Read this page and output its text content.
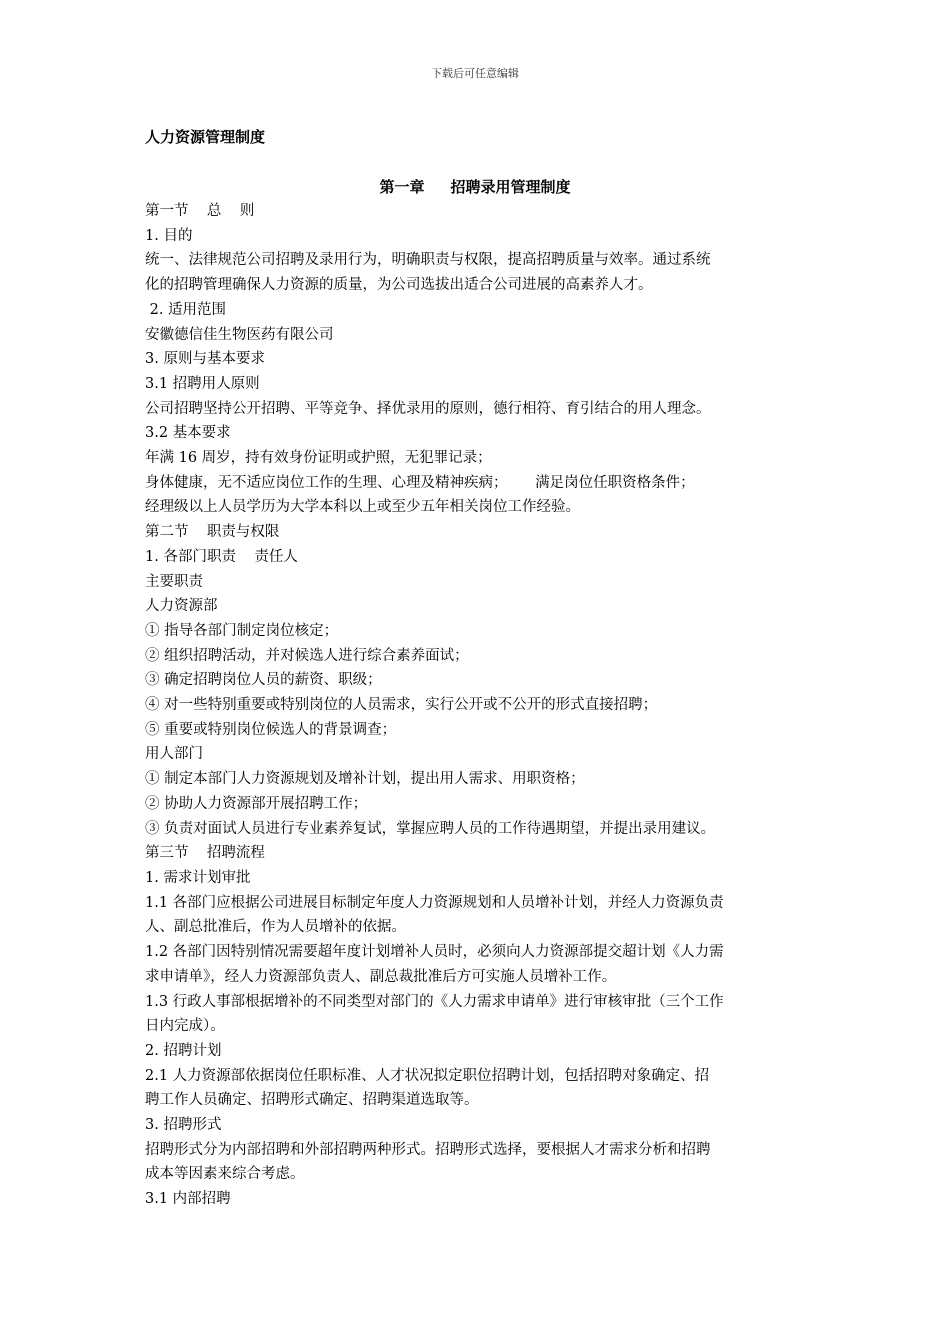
下载后可任意编辑
人力资源管理制度
第一章 招聘录用管理制度

第一节    总    则

1. 目的

统一、法律规范公司招聘及录用行为，明确职责与权限，提高招聘质量与效率。通过系统

化的招聘管理确保人力资源的质量，为公司选拔出适合公司进展的高素养人才。

2. 适用范围

安徽德信佳生物医药有限公司

3. 原则与基本要求

3.1 招聘用人原则

公司招聘坚持公开招聘、平等竞争、择优录用的原则，德行相符、育引结合的用人理念。

3.2 基本要求

年满 16 周岁，持有效身份证明或护照，无犯罪记录；

身体健康，无不适应岗位工作的生理、心理及精神疾病；      满足岗位任职资格条件；

经理级以上人员学历为大学本科以上或至少五年相关岗位工作经验。

第二节    职责与权限

1. 各部门职责    责任人

主要职责

人力资源部

① 指导各部门制定岗位核定；

② 组织招聘活动，并对候选人进行综合素养面试；

③ 确定招聘岗位人员的薪资、职级；

④ 对一些特别重要或特别岗位的人员需求，实行公开或不公开的形式直接招聘；

⑤ 重要或特别岗位候选人的背景调查；

用人部门

① 制定本部门人力资源规划及增补计划，提出用人需求、用职资格；

② 协助人力资源部开展招聘工作；

③ 负责对面试人员进行专业素养复试，掌握应聘人员的工作待遇期望，并提出录用建议。

第三节    招聘流程

1. 需求计划审批

1.1 各部门应根据公司进展目标制定年度人力资源规划和人员增补计划，并经人力资源负责

人、副总批准后，作为人员增补的依据。

1.2 各部门因特别情况需要超年度计划增补人员时，必须向人力资源部提交超计划《人力需

求申请单》，经人力资源部负责人、副总裁批准后方可实施人员增补工作。

1.3 行政人事部根据增补的不同类型对部门的《人力需求申请单》进行审核审批（三个工作

日内完成）。

2. 招聘计划

2.1 人力资源部依据岗位任职标准、人才状况拟定职位招聘计划，包括招聘对象确定、招

聘工作人员确定、招聘形式确定、招聘渠道选取等。

3. 招聘形式

招聘形式分为内部招聘和外部招聘两种形式。招聘形式选择，要根据人才需求分析和招聘

成本等因素来综合考虑。

3.1 内部招聘
